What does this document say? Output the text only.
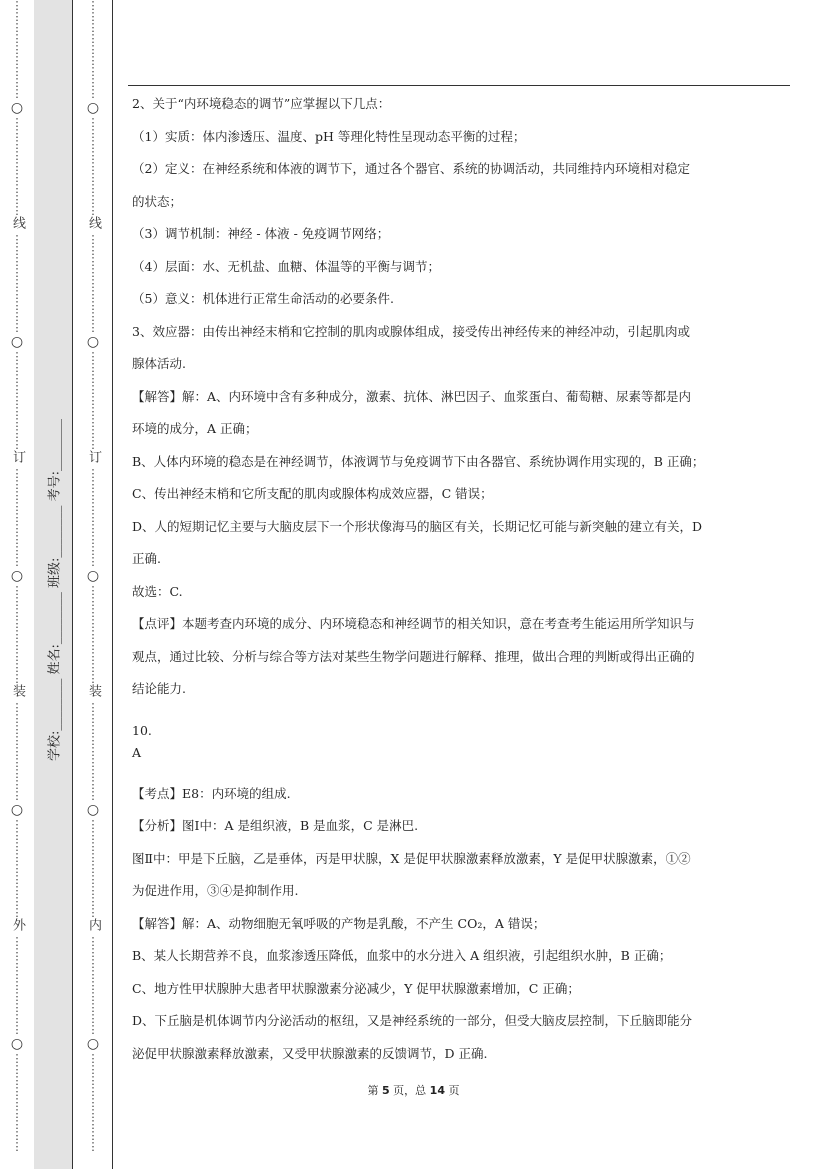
⋮
⋮
⋮
⋮
⋮
⋮
⋮
⋮
⋮
○
⋮
⋮
⋮
⋮
⋮
⋮
⋮
⋮
⋮
线
⋮
⋮
⋮
⋮
⋮
⋮
⋮
⋮
⋮
○
⋮
⋮
⋮
⋮
⋮
⋮
⋮
⋮
⋮
订
⋮
⋮
⋮
⋮
⋮
⋮
⋮
⋮
⋮
○
⋮
⋮
⋮
⋮
⋮
⋮
⋮
⋮
⋮
装
⋮
⋮
⋮
⋮
⋮
⋮
⋮
⋮
⋮
○
⋮
⋮
⋮
⋮
⋮
⋮
⋮
⋮
⋮
外
⋮
⋮
⋮
⋮
⋮
⋮
⋮
⋮
⋮
○
⋮
⋮
⋮
⋮
⋮
⋮
⋮
⋮
⋮
⋮
⋮
⋮
⋮
⋮
⋮
⋮
⋮
⋮
○
⋮
⋮
⋮
⋮
⋮
⋮
⋮
⋮
⋮
线
⋮
⋮
⋮
⋮
⋮
⋮
⋮
⋮
⋮
○
⋮
⋮
⋮
⋮
⋮
⋮
⋮
⋮
⋮
订
⋮
⋮
⋮
⋮
⋮
⋮
⋮
⋮
⋮
○
⋮
⋮
⋮
⋮
⋮
⋮
⋮
⋮
⋮
装
⋮
⋮
⋮
⋮
⋮
⋮
⋮
⋮
⋮
○
⋮
⋮
⋮
⋮
⋮
⋮
⋮
⋮
⋮
内
⋮
⋮
⋮
⋮
⋮
⋮
⋮
⋮
⋮
○
⋮
⋮
⋮
⋮
⋮
⋮
⋮
⋮
⋮
学校:________ 姓名:________ 班级:________ 考号:________

2、关于“内环境稳态的调节”应掌握以下几点：

（1）实质：体内渗透压、温度、pH 等理化特性呈现动态平衡的过程；

（2）定义：在神经系统和体液的调节下，通过各个器官、系统的协调活动，共同维持内环境相对稳定

的状态；

（3）调节机制：神经 - 体液 - 免疫调节网络；

（4）层面：水、无机盐、血糖、体温等的平衡与调节；

（5）意义：机体进行正常生命活动的必要条件.

3、效应器：由传出神经末梢和它控制的肌肉或腺体组成，接受传出神经传来的神经冲动，引起肌肉或

腺体活动.

【解答】解：A、内环境中含有多种成分，激素、抗体、淋巴因子、血浆蛋白、葡萄糖、尿素等都是内

环境的成分，A 正确；

B、人体内环境的稳态是在神经调节，体液调节与免疫调节下由各器官、系统协调作用实现的，B 正确；

C、传出神经末梢和它所支配的肌肉或腺体构成效应器，C 错误；

D、人的短期记忆主要与大脑皮层下一个形状像海马的脑区有关，长期记忆可能与新突触的建立有关，D

正确.

故选：C.

【点评】本题考查内环境的成分、内环境稳态和神经调节的相关知识，意在考查考生能运用所学知识与

观点，通过比较、分析与综合等方法对某些生物学问题进行解释、推理，做出合理的判断或得出正确的

结论能力.

10.

A

【考点】E8：内环境的组成.

【分析】图Ⅰ中：A 是组织液，B 是血浆，C 是淋巴.

图Ⅱ中：甲是下丘脑，乙是垂体，丙是甲状腺，X 是促甲状腺激素释放激素，Y 是促甲状腺激素，①②

为促进作用，③④是抑制作用.

【解答】解：A、动物细胞无氧呼吸的产物是乳酸，不产生 CO₂，A 错误；

B、某人长期营养不良，血浆渗透压降低，血浆中的水分进入 A 组织液，引起组织水肿，B 正确；

C、地方性甲状腺肿大患者甲状腺激素分泌减少，Y 促甲状腺激素增加，C 正确；

D、下丘脑是机体调节内分泌活动的枢纽，又是神经系统的一部分，但受大脑皮层控制，下丘脑即能分

泌促甲状腺激素释放激素，又受甲状腺激素的反馈调节，D 正确.

第 5 页，总 14 页
